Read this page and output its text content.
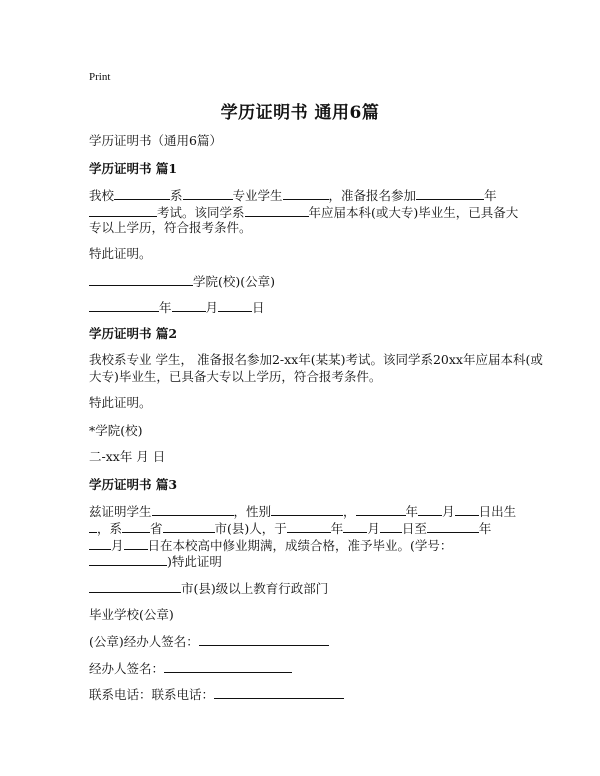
Print
学历证明书 通用6篇
学历证明书（通用6篇）
学历证明书 篇1
我校	系	专业学生	，准备报名参加	年
考试。该同学系	年应届本科(或大专)毕业生，已具备大
专以上学历，符合报考条件。
特此证明。
学院(校)(公章)
年	月	日
学历证明书 篇2
我校系专业 学生， 准备报名参加2-xx年(某某)考试。该同学系20xx年应届本科(或
大专)毕业生，已具备大专以上学历，符合报考条件。
特此证明。
*学院(校)
二-xx年 月 日
学历证明书 篇3
兹证明学生	，性别	，	年 月 日出生
，系 省	市(县)人，于	年 月 日至	年
月 日在本校高中修业期满，成绩合格，准予毕业。(学号：
)特此证明
市(县)级以上教育行政部门
毕业学校(公章)
(公章)经办人签名：
经办人签名：
联系电话：联系电话：
